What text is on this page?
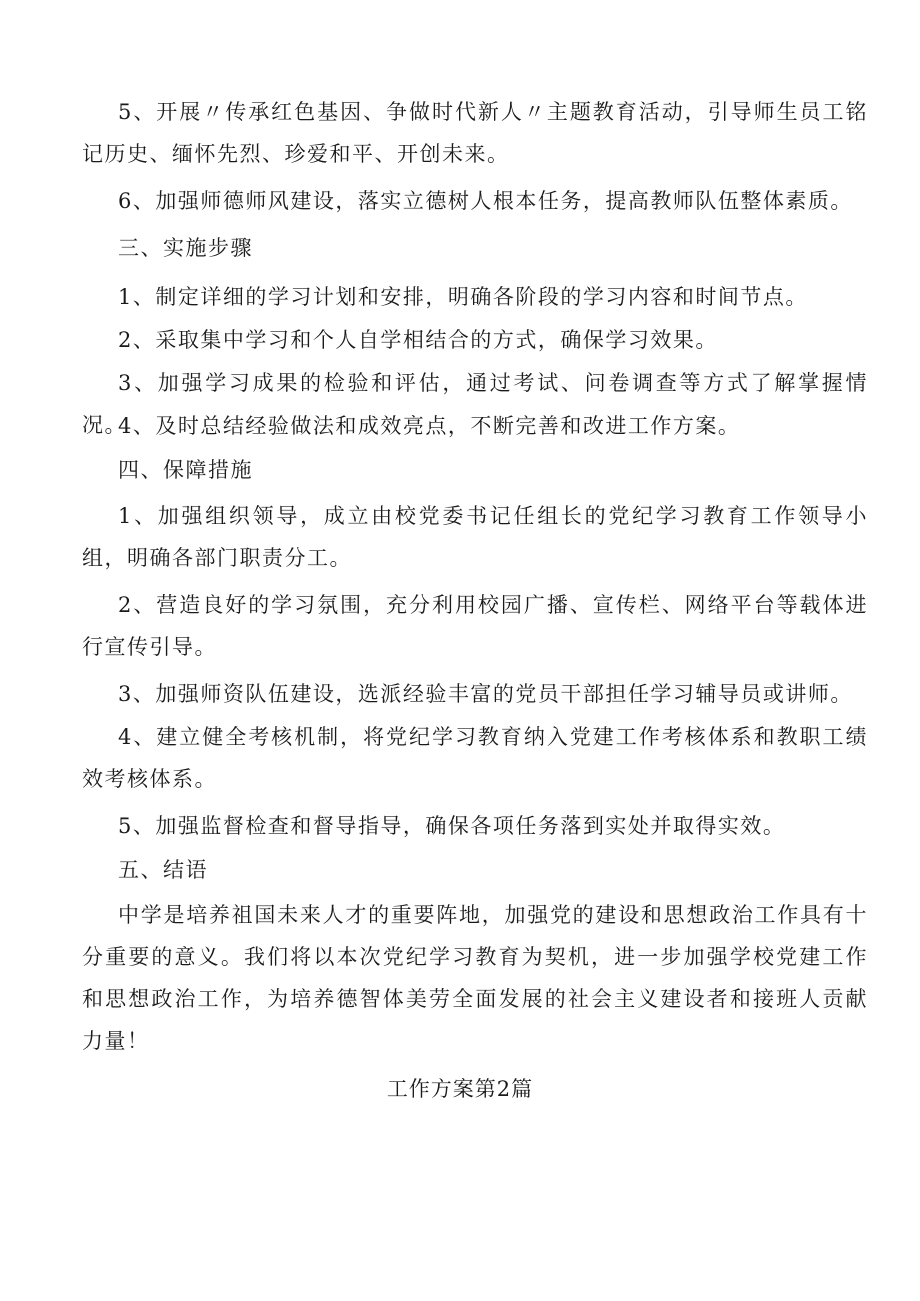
5、开展〃传承红色基因、争做时代新人〃主题教育活动，引导师生员工铭记历史、缅怀先烈、珍爱和平、开创未来。

6、加强师德师风建设，落实立德树人根本任务，提高教师队伍整体素质。

三、实施步骤

1、制定详细的学习计划和安排，明确各阶段的学习内容和时间节点。

2、采取集中学习和个人自学相结合的方式，确保学习效果。

3、加强学习成果的检验和评估，通过考试、问卷调查等方式了解掌握情况。

4、及时总结经验做法和成效亮点，不断完善和改进工作方案。

四、保障措施

1、加强组织领导，成立由校党委书记任组长的党纪学习教育工作领导小组，明确各部门职责分工。

2、营造良好的学习氛围，充分利用校园广播、宣传栏、网络平台等载体进行宣传引导。

3、加强师资队伍建设，选派经验丰富的党员干部担任学习辅导员或讲师。

4、建立健全考核机制，将党纪学习教育纳入党建工作考核体系和教职工绩效考核体系。

5、加强监督检查和督导指导，确保各项任务落到实处并取得实效。

五、结语

中学是培养祖国未来人才的重要阵地，加强党的建设和思想政治工作具有十分重要的意义。我们将以本次党纪学习教育为契机，进一步加强学校党建工作和思想政治工作，为培养德智体美劳全面发展的社会主义建设者和接班人贡献力量！

工作方案第2篇
